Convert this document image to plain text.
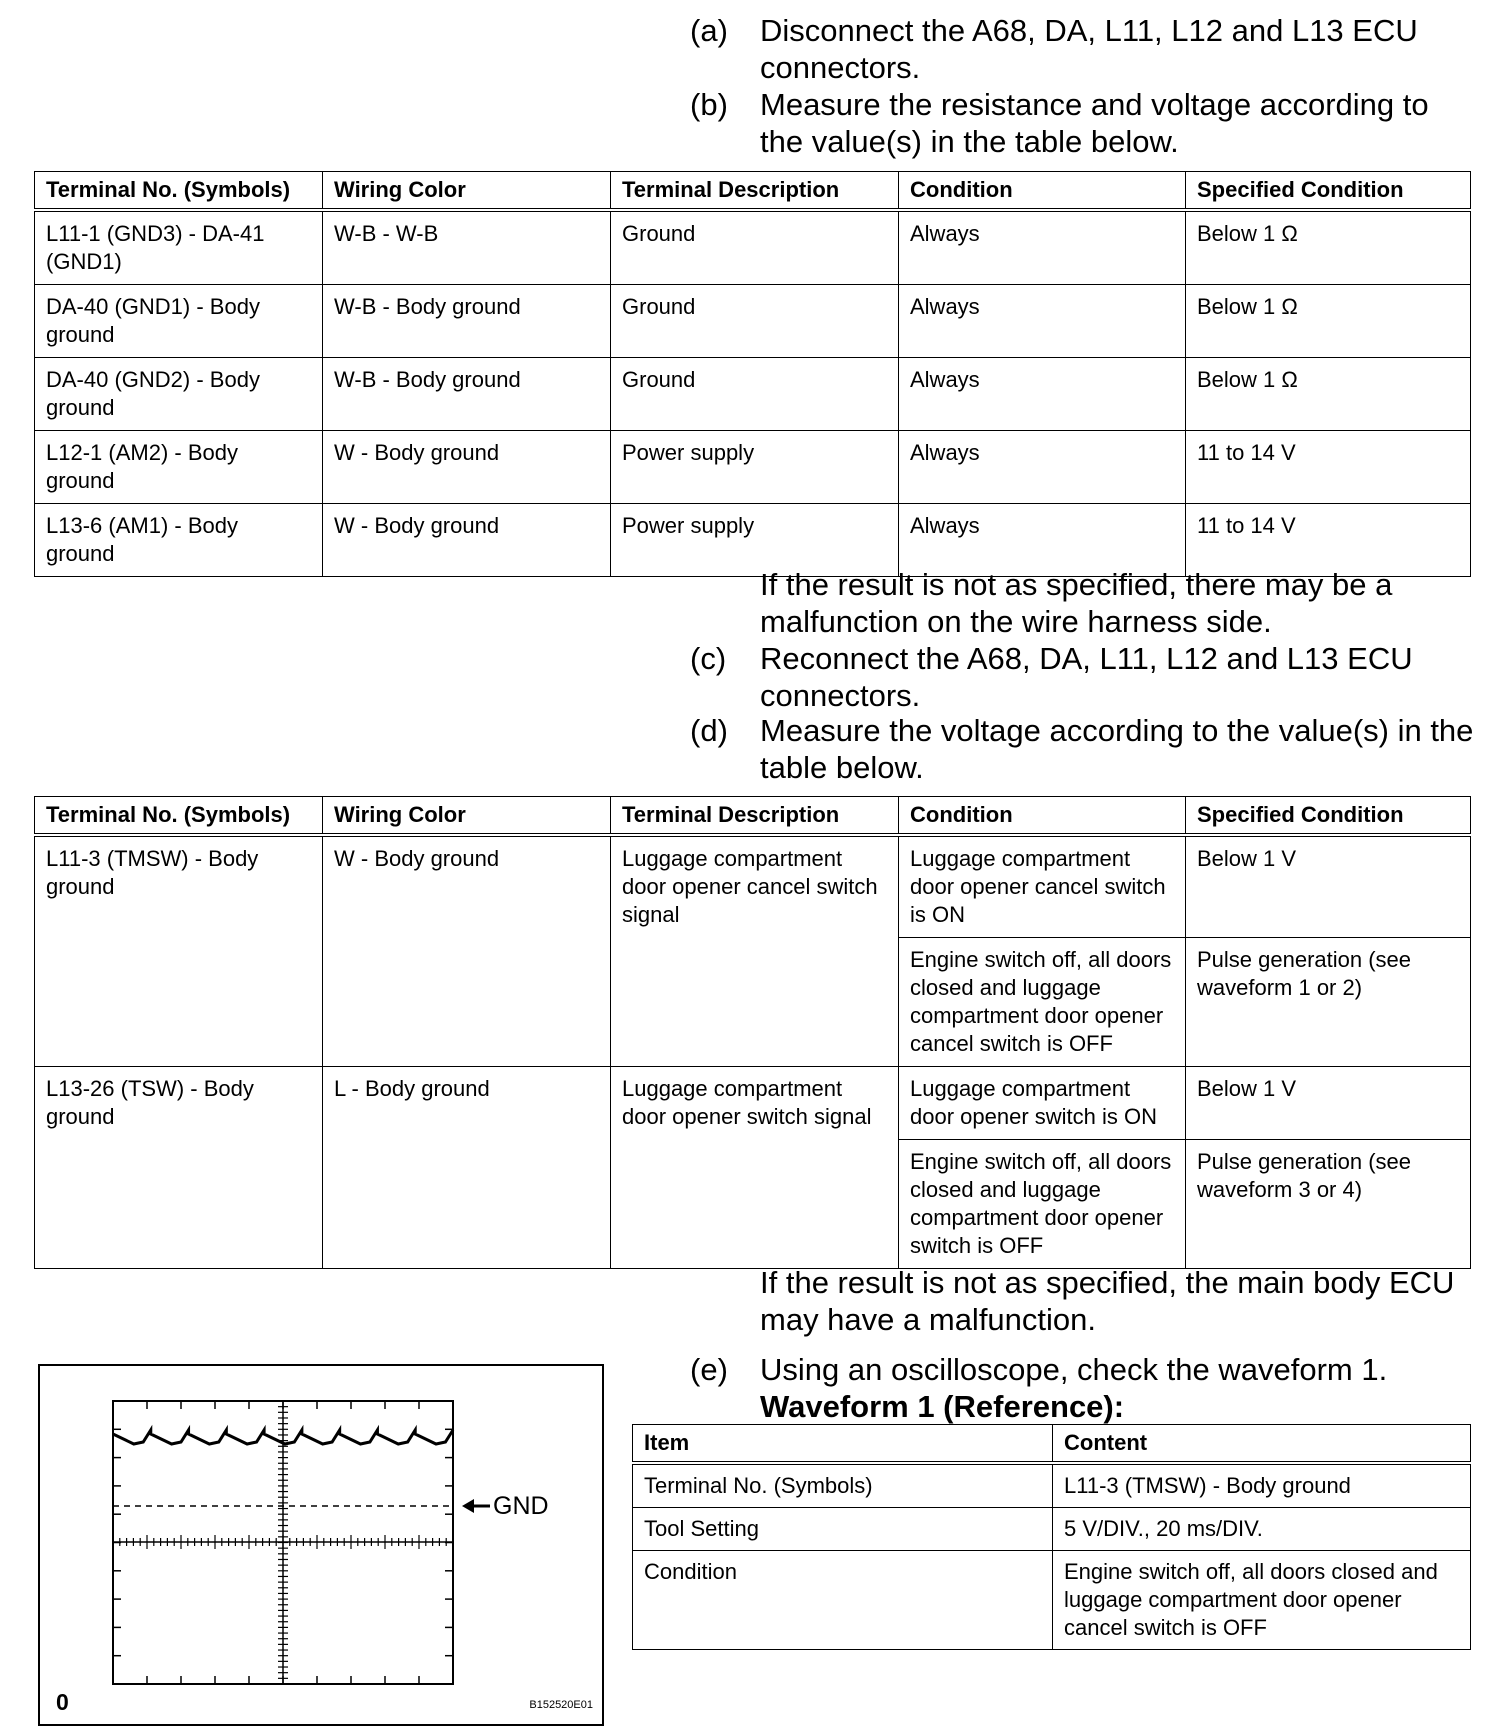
(a) Disconnect the A68, DA, L11, L12 and L13 ECU connectors.
(b) Measure the resistance and voltage according to the value(s) in the table below.
Terminal No. (Symbols)	Wiring Color	Terminal Description	Condition	Specified Condition
L11-1 (GND3) - DA-41 (GND1)	W-B - W-B	Ground	Always	Below 1 Ω
DA-40 (GND1) - Body ground	W-B - Body ground	Ground	Always	Below 1 Ω
DA-40 (GND2) - Body ground	W-B - Body ground	Ground	Always	Below 1 Ω
L12-1 (AM2) - Body ground	W - Body ground	Power supply	Always	11 to 14 V
L13-6 (AM1) - Body ground	W - Body ground	Power supply	Always	11 to 14 V
If the result is not as specified, there may be a malfunction on the wire harness side.
(c) Reconnect the A68, DA, L11, L12 and L13 ECU connectors.
(d) Measure the voltage according to the value(s) in the table below.
Terminal No. (Symbols)	Wiring Color	Terminal Description	Condition	Specified Condition
L11-3 (TMSW) - Body ground	W - Body ground	Luggage compartment door opener cancel switch signal	Luggage compartment door opener cancel switch is ON	Below 1 V
			Engine switch off, all doors closed and luggage compartment door opener cancel switch is OFF	Pulse generation (see waveform 1 or 2)
L13-26 (TSW) - Body ground	L - Body ground	Luggage compartment door opener switch signal	Luggage compartment door opener switch is ON	Below 1 V
			Engine switch off, all doors closed and luggage compartment door opener switch is OFF	Pulse generation (see waveform 3 or 4)
If the result is not as specified, the main body ECU may have a malfunction.
(e) Using an oscilloscope, check the waveform 1.
Waveform 1 (Reference):
GND
0	B152520E01
Item	Content
Terminal No. (Symbols)	L11-3 (TMSW) - Body ground
Tool Setting	5 V/DIV., 20 ms/DIV.
Condition	Engine switch off, all doors closed and luggage compartment door opener cancel switch is OFF
